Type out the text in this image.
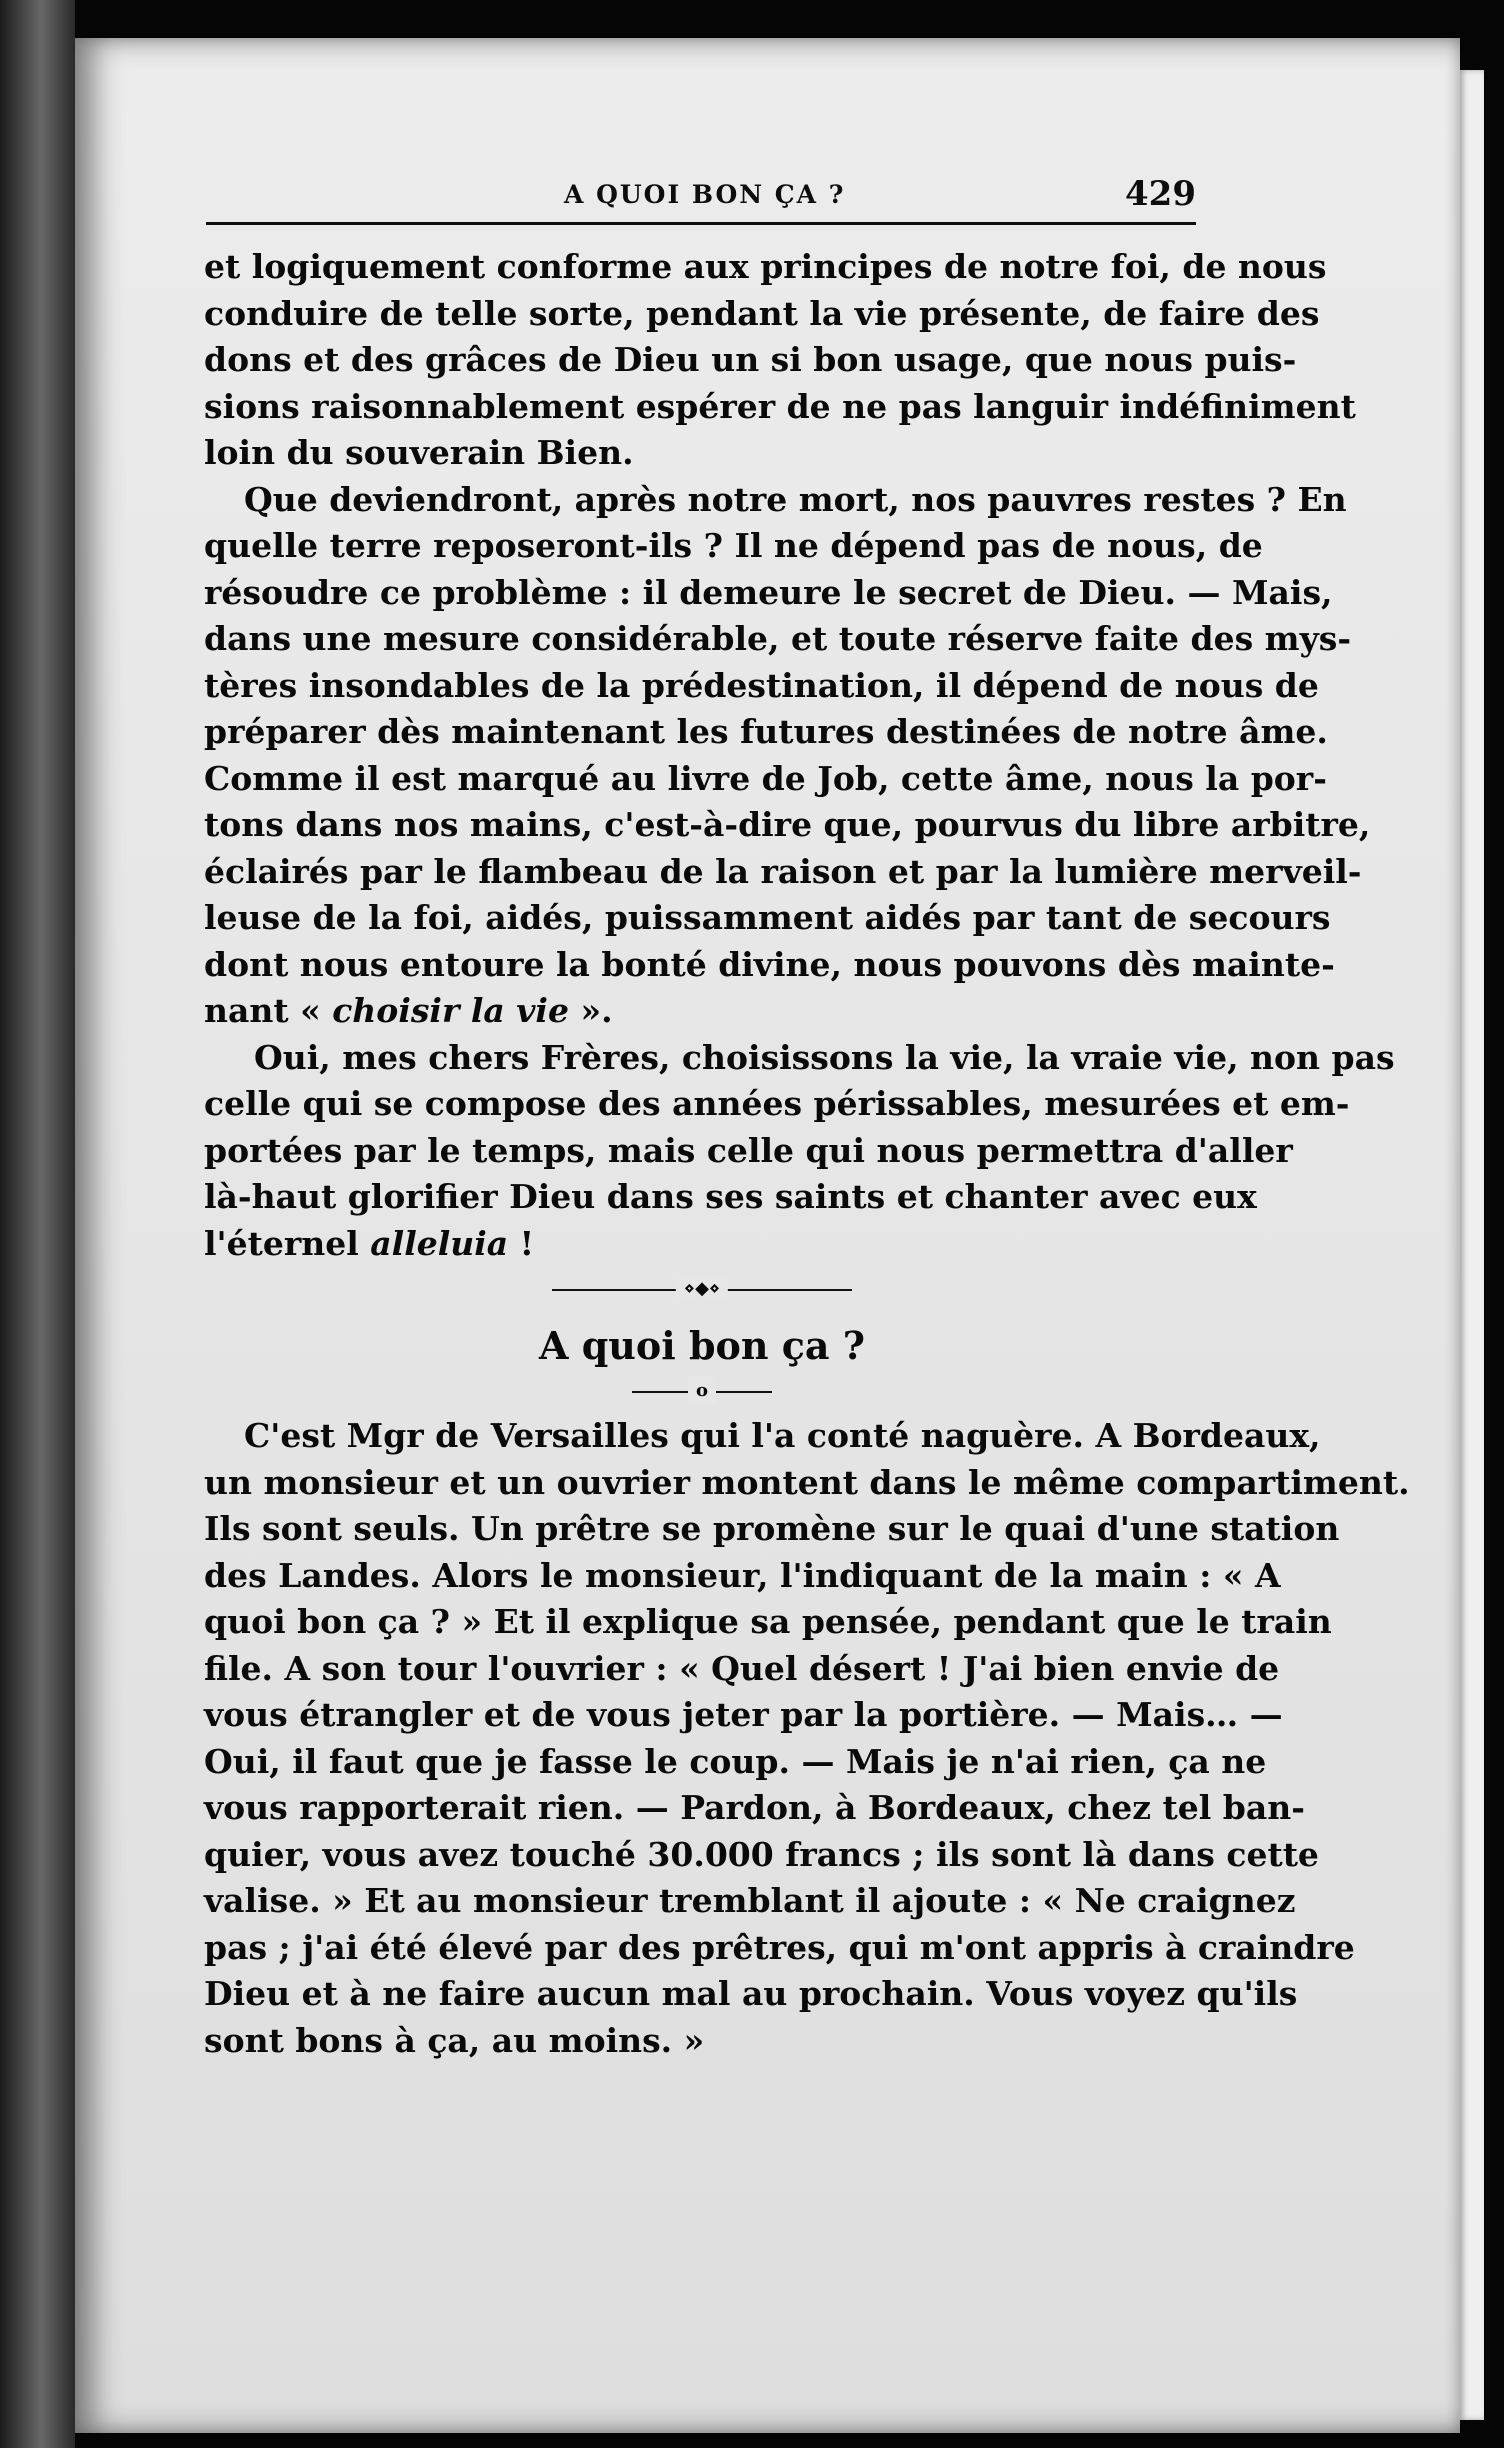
A QUOI BON ÇA ?	429
et logiquement conforme aux principes de notre foi, de nous
conduire de telle sorte, pendant la vie présente, de faire des
dons et des grâces de Dieu un si bon usage, que nous puis-
sions raisonnablement espérer de ne pas languir indéfiniment
loin du souverain Bien.
Que deviendront, après notre mort, nos pauvres restes ? En
quelle terre reposeront-ils ? Il ne dépend pas de nous, de
résoudre ce problème : il demeure le secret de Dieu. — Mais,
dans une mesure considérable, et toute réserve faite des mys-
tères insondables de la prédestination, il dépend de nous de
préparer dès maintenant les futures destinées de notre âme.
Comme il est marqué au livre de Job, cette âme, nous la por-
tons dans nos mains, c'est-à-dire que, pourvus du libre arbitre,
éclairés par le flambeau de la raison et par la lumière merveil-
leuse de la foi, aidés, puissamment aidés par tant de secours
dont nous entoure la bonté divine, nous pouvons dès mainte-
nant « choisir la vie ».
Oui, mes chers Frères, choisissons la vie, la vraie vie, non pas
celle qui se compose des années périssables, mesurées et em-
portées par le temps, mais celle qui nous permettra d'aller
là-haut glorifier Dieu dans ses saints et chanter avec eux
l'éternel alleluia !
⋄◆⋄
A quoi bon ça ?
o
C'est Mgr de Versailles qui l'a conté naguère. A Bordeaux,
un monsieur et un ouvrier montent dans le même compartiment.
Ils sont seuls. Un prêtre se promène sur le quai d'une station
des Landes. Alors le monsieur, l'indiquant de la main : « A
quoi bon ça ? » Et il explique sa pensée, pendant que le train
file. A son tour l'ouvrier : « Quel désert ! J'ai bien envie de
vous étrangler et de vous jeter par la portière. — Mais… —
Oui, il faut que je fasse le coup. — Mais je n'ai rien, ça ne
vous rapporterait rien. — Pardon, à Bordeaux, chez tel ban-
quier, vous avez touché 30.000 francs ; ils sont là dans cette
valise. » Et au monsieur tremblant il ajoute : « Ne craignez
pas ; j'ai été élevé par des prêtres, qui m'ont appris à craindre
Dieu et à ne faire aucun mal au prochain. Vous voyez qu'ils
sont bons à ça, au moins. »
